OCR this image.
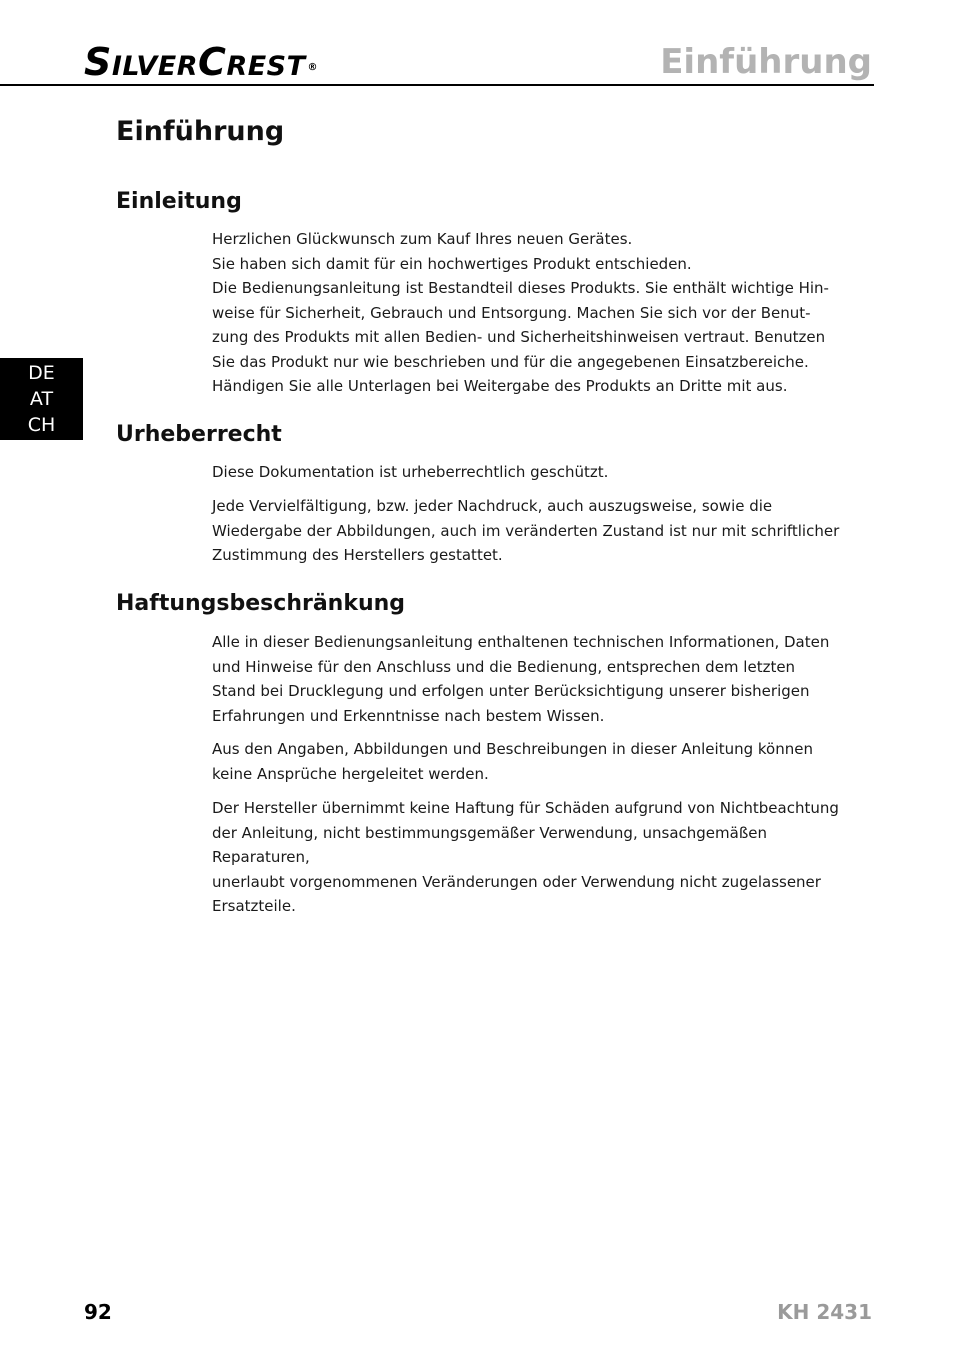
SILVERCREST ®	Einführung
Einführung
DE
AT
CH
Einleitung

Herzlichen Glückwunsch zum Kauf Ihres neuen Gerätes.

Sie haben sich damit für ein hochwertiges Produkt entschieden.

Die Bedienungsanleitung ist Bestandteil dieses Produkts. Sie enthält wichtige Hin-

weise für Sicherheit, Gebrauch und Entsorgung. Machen Sie sich vor der Benut-

zung des Produkts mit allen Bedien- und Sicherheitshinweisen vertraut. Benutzen

Sie das Produkt nur wie beschrieben und für die angegebenen Einsatzbereiche.

Händigen Sie alle Unterlagen bei Weitergabe des Produkts an Dritte mit aus.

Urheberrecht

Diese Dokumentation ist urheberrechtlich geschützt.

Jede Vervielfältigung, bzw. jeder Nachdruck, auch auszugsweise, sowie die

Wiedergabe der Abbildungen, auch im veränderten Zustand ist nur mit schriftlicher

Zustimmung des Herstellers gestattet.

Haftungsbeschränkung

Alle in dieser Bedienungsanleitung enthaltenen technischen Informationen, Daten

und Hinweise für den Anschluss und die Bedienung, entsprechen dem letzten

Stand bei Drucklegung und erfolgen unter Berücksichtigung unserer bisherigen

Erfahrungen und Erkenntnisse nach bestem Wissen.

Aus den Angaben, Abbildungen und Beschreibungen in dieser Anleitung können

keine Ansprüche hergeleitet werden.

Der Hersteller übernimmt keine Haftung für Schäden aufgrund von Nichtbeachtung

der Anleitung, nicht bestimmungsgemäßer Verwendung, unsachgemäßen Reparaturen,

unerlaubt vorgenommenen Veränderungen oder Verwendung nicht zugelassener

Ersatzteile.

92	KH 2431
